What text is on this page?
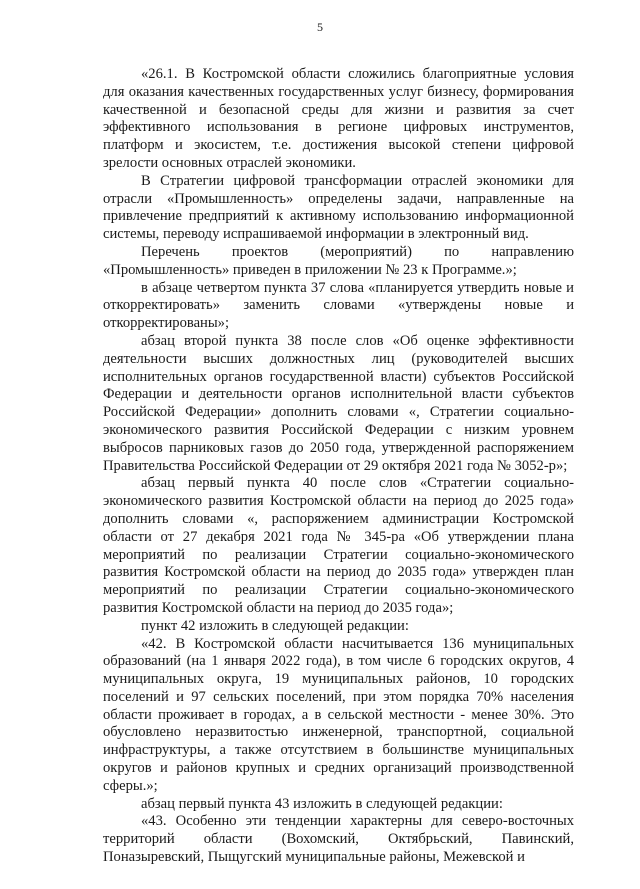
5

«26.1. В Костромской области сложились благоприятные условия для оказания качественных государственных услуг бизнесу, формирования качественной и безопасной среды для жизни и развития за счет эффективного использования в регионе цифровых инструментов, платформ и экосистем, т.е. достижения высокой степени цифровой зрелости основных отраслей экономики.

В Стратегии цифровой трансформации отраслей экономики для отрасли «Промышленность» определены задачи, направленные на привлечение предприятий к активному использованию информационной системы, переводу испрашиваемой информации в электронный вид.

Перечень проектов (мероприятий) по направлению «Промышленность» приведен в приложении № 23 к Программе.»;

в абзаце четвертом пункта 37 слова «планируется утвердить новые и откорректировать» заменить словами «утверждены новые и откорректированы»;

абзац второй пункта 38 после слов «Об оценке эффективности деятельности высших должностных лиц (руководителей высших исполнительных органов государственной власти) субъектов Российской Федерации и деятельности органов исполнительной власти субъектов Российской Федерации» дополнить словами «, Стратегии социально-экономического развития Российской Федерации с низким уровнем выбросов парниковых газов до 2050 года, утвержденной распоряжением Правительства Российской Федерации от 29 октября 2021 года № 3052-р»;

абзац первый пункта 40 после слов «Стратегии социально-экономического развития Костромской области на период до 2025 года» дополнить словами «, распоряжением администрации Костромской области от 27 декабря 2021 года № 345-ра «Об утверждении плана мероприятий по реализации Стратегии социально-экономического развития Костромской области на период до 2035 года» утвержден план мероприятий по реализации Стратегии социально-экономического развития Костромской области на период до 2035 года»;

пункт 42 изложить в следующей редакции:

«42. В Костромской области насчитывается 136 муниципальных образований (на 1 января 2022 года), в том числе 6 городских округов, 4 муниципальных округа, 19 муниципальных районов, 10 городских поселений и 97 сельских поселений, при этом порядка 70% населения области проживает в городах, а в сельской местности - менее 30%. Это обусловлено неразвитостью инженерной, транспортной, социальной инфраструктуры, а также отсутствием в большинстве муниципальных округов и районов крупных и средних организаций производственной сферы.»;

абзац первый пункта 43 изложить в следующей редакции:

«43. Особенно эти тенденции характерны для северо-восточных территорий области (Вохомский, Октябрьский, Павинский, Поназыревский, Пыщугский муниципальные районы, Межевской и
